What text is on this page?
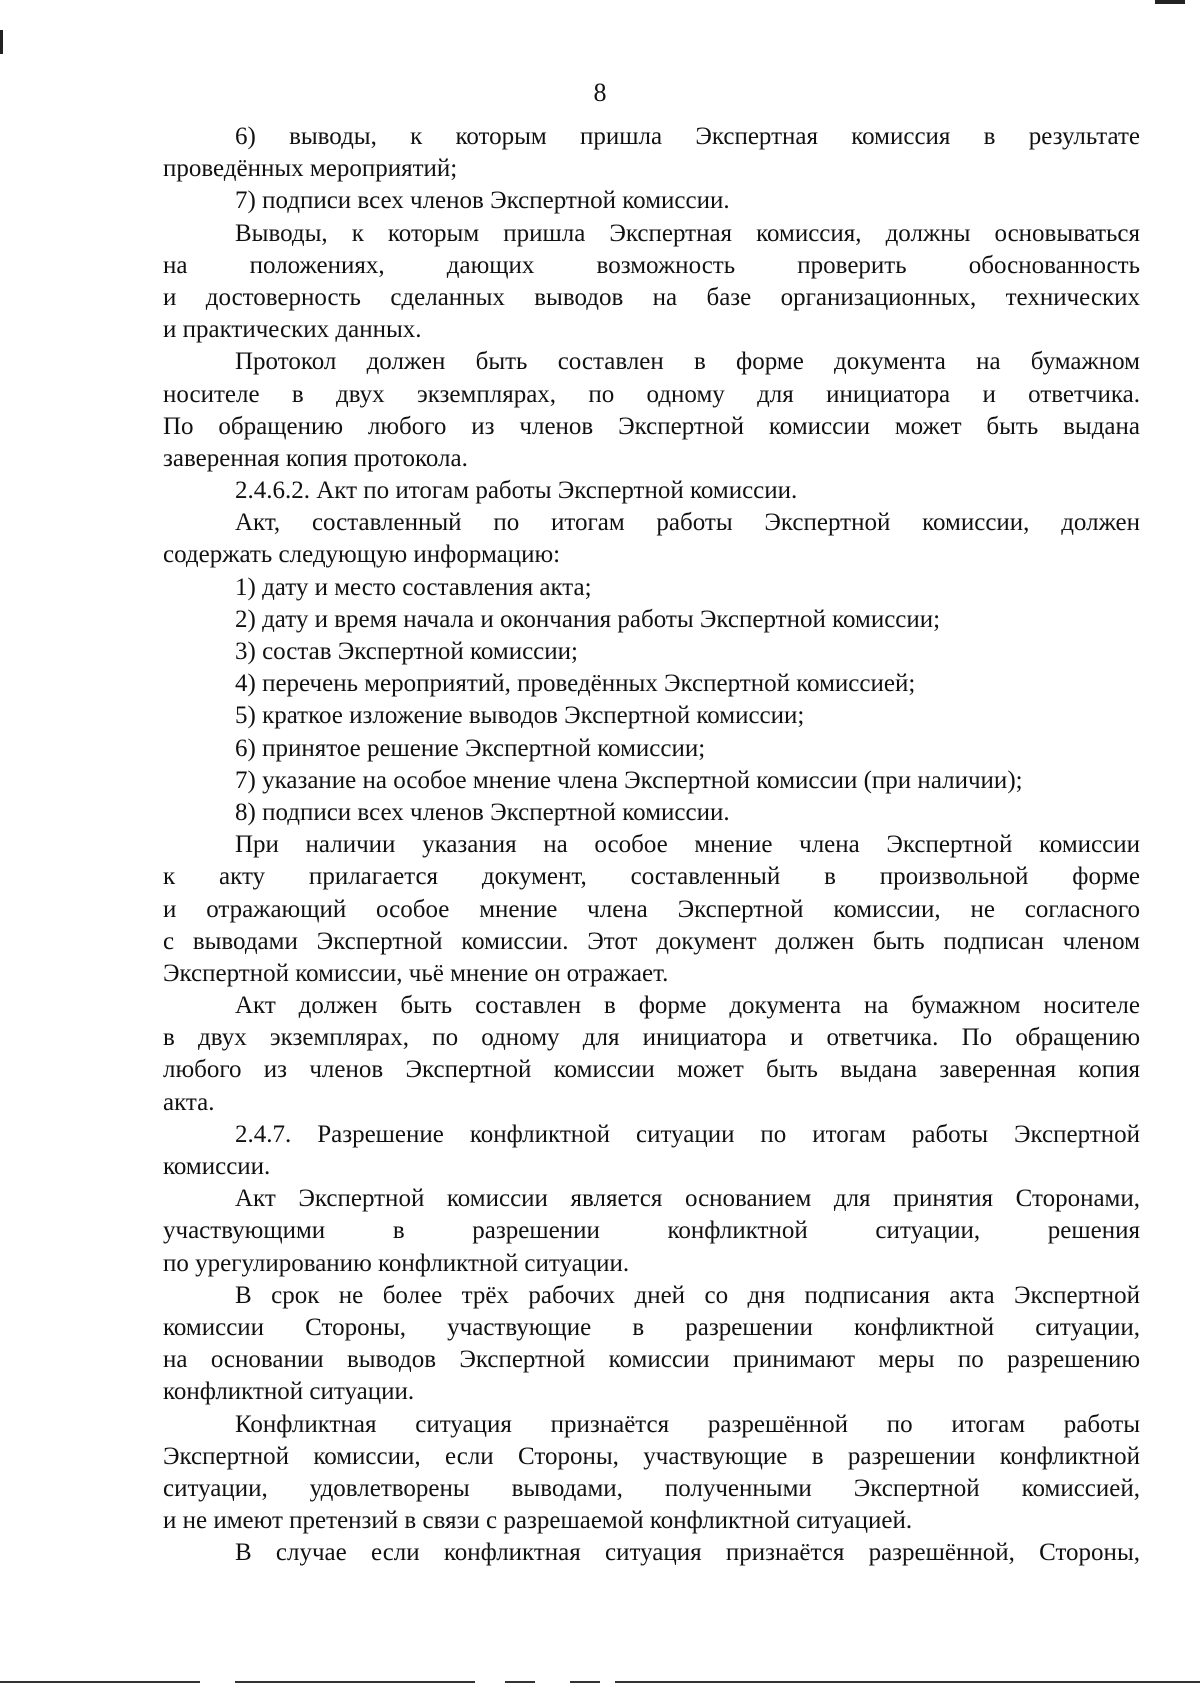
8
6) выводы, к которым пришла Экспертная комиссия в результате
проведённых мероприятий;
7) подписи всех членов Экспертной комиссии.
Выводы, к которым пришла Экспертная комиссия, должны основываться
на положениях, дающих возможность проверить обоснованность
и достоверность сделанных выводов на базе организационных, технических
и практических данных.
Протокол должен быть составлен в форме документа на бумажном
носителе в двух экземплярах, по одному для инициатора и ответчика.
По обращению любого из членов Экспертной комиссии может быть выдана
заверенная копия протокола.
2.4.6.2. Акт по итогам работы Экспертной комиссии.
Акт, составленный по итогам работы Экспертной комиссии, должен
содержать следующую информацию:
1) дату и место составления акта;
2) дату и время начала и окончания работы Экспертной комиссии;
3) состав Экспертной комиссии;
4) перечень мероприятий, проведённых Экспертной комиссией;
5) краткое изложение выводов Экспертной комиссии;
6) принятое решение Экспертной комиссии;
7) указание на особое мнение члена Экспертной комиссии (при наличии);
8) подписи всех членов Экспертной комиссии.
При наличии указания на особое мнение члена Экспертной комиссии
к акту прилагается документ, составленный в произвольной форме
и отражающий особое мнение члена Экспертной комиссии, не согласного
с выводами Экспертной комиссии. Этот документ должен быть подписан членом
Экспертной комиссии, чьё мнение он отражает.
Акт должен быть составлен в форме документа на бумажном носителе
в двух экземплярах, по одному для инициатора и ответчика. По обращению
любого из членов Экспертной комиссии может быть выдана заверенная копия
акта.
2.4.7. Разрешение конфликтной ситуации по итогам работы Экспертной
комиссии.
Акт Экспертной комиссии является основанием для принятия Сторонами,
участвующими в разрешении конфликтной ситуации, решения
по урегулированию конфликтной ситуации.
В срок не более трёх рабочих дней со дня подписания акта Экспертной
комиссии Стороны, участвующие в разрешении конфликтной ситуации,
на основании выводов Экспертной комиссии принимают меры по разрешению
конфликтной ситуации.
Конфликтная ситуация признаётся разрешённой по итогам работы
Экспертной комиссии, если Стороны, участвующие в разрешении конфликтной
ситуации, удовлетворены выводами, полученными Экспертной комиссией,
и не имеют претензий в связи с разрешаемой конфликтной ситуацией.
В случае если конфликтная ситуация признаётся разрешённой, Стороны,
